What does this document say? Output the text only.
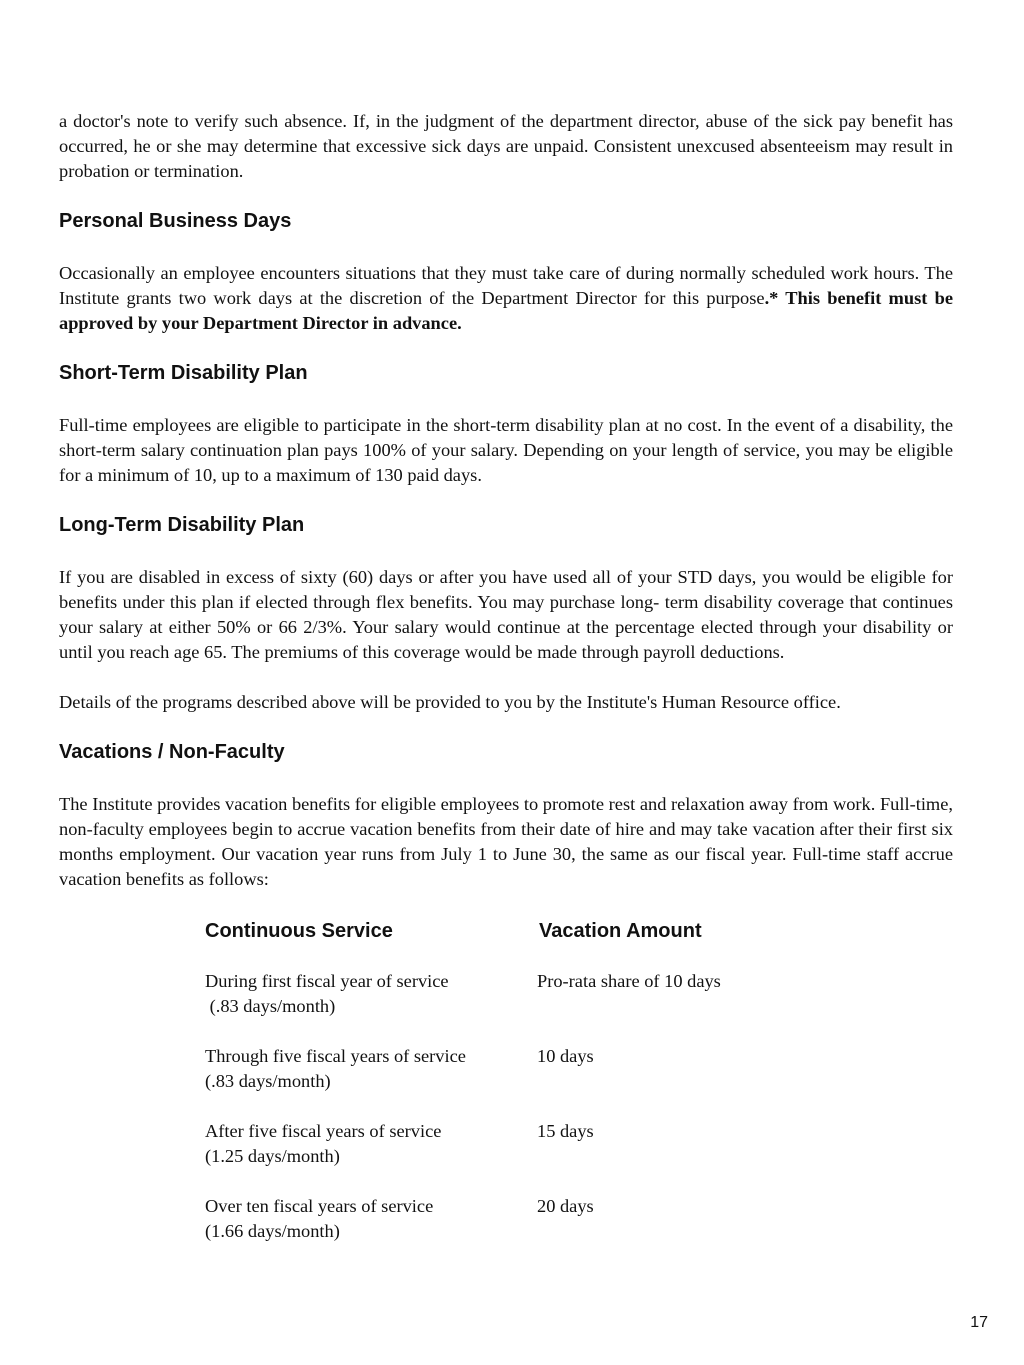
a doctor's note to verify such absence. If, in the judgment of the department director, abuse of the sick pay benefit has occurred, he or she may determine that excessive sick days are unpaid. Consistent unexcused absenteeism may result in probation or termination.

Personal Business Days

Occasionally an employee encounters situations that they must take care of during normally scheduled work hours. The Institute grants two work days at the discretion of the Department Director for this purpose.* This benefit must be approved by your Department Director in advance.

Short-Term Disability Plan

Full-time employees are eligible to participate in the short-term disability plan at no cost. In the event of a disability, the short-term salary continuation plan pays 100% of your salary. Depending on your length of service, you may be eligible for a minimum of 10, up to a maximum of 130 paid days.

Long-Term Disability Plan

If you are disabled in excess of sixty (60) days or after you have used all of your STD days, you would be eligible for benefits under this plan if elected through flex benefits. You may purchase long- term disability coverage that continues your salary at either 50% or 66 2/3%. Your salary would continue at the percentage elected through your disability or until you reach age 65. The premiums of this coverage would be made through payroll deductions.

Details of the programs described above will be provided to you by the Institute's Human Resource office.

Vacations / Non-Faculty

The Institute provides vacation benefits for eligible employees to promote rest and relaxation away from work. Full-time, non-faculty employees begin to accrue vacation benefits from their date of hire and may take vacation after their first six months employment. Our vacation year runs from July 1 to June 30, the same as our fiscal year. Full-time staff accrue vacation benefits as follows:

Continuous Service	Vacation Amount
During first fiscal year of service
(.83 days/month)
Pro-rata share of 10 days
Through five fiscal years of service
(.83 days/month)
10 days
After five fiscal years of service
(1.25 days/month)
15 days
Over ten fiscal years of service
(1.66 days/month)
20 days
17
